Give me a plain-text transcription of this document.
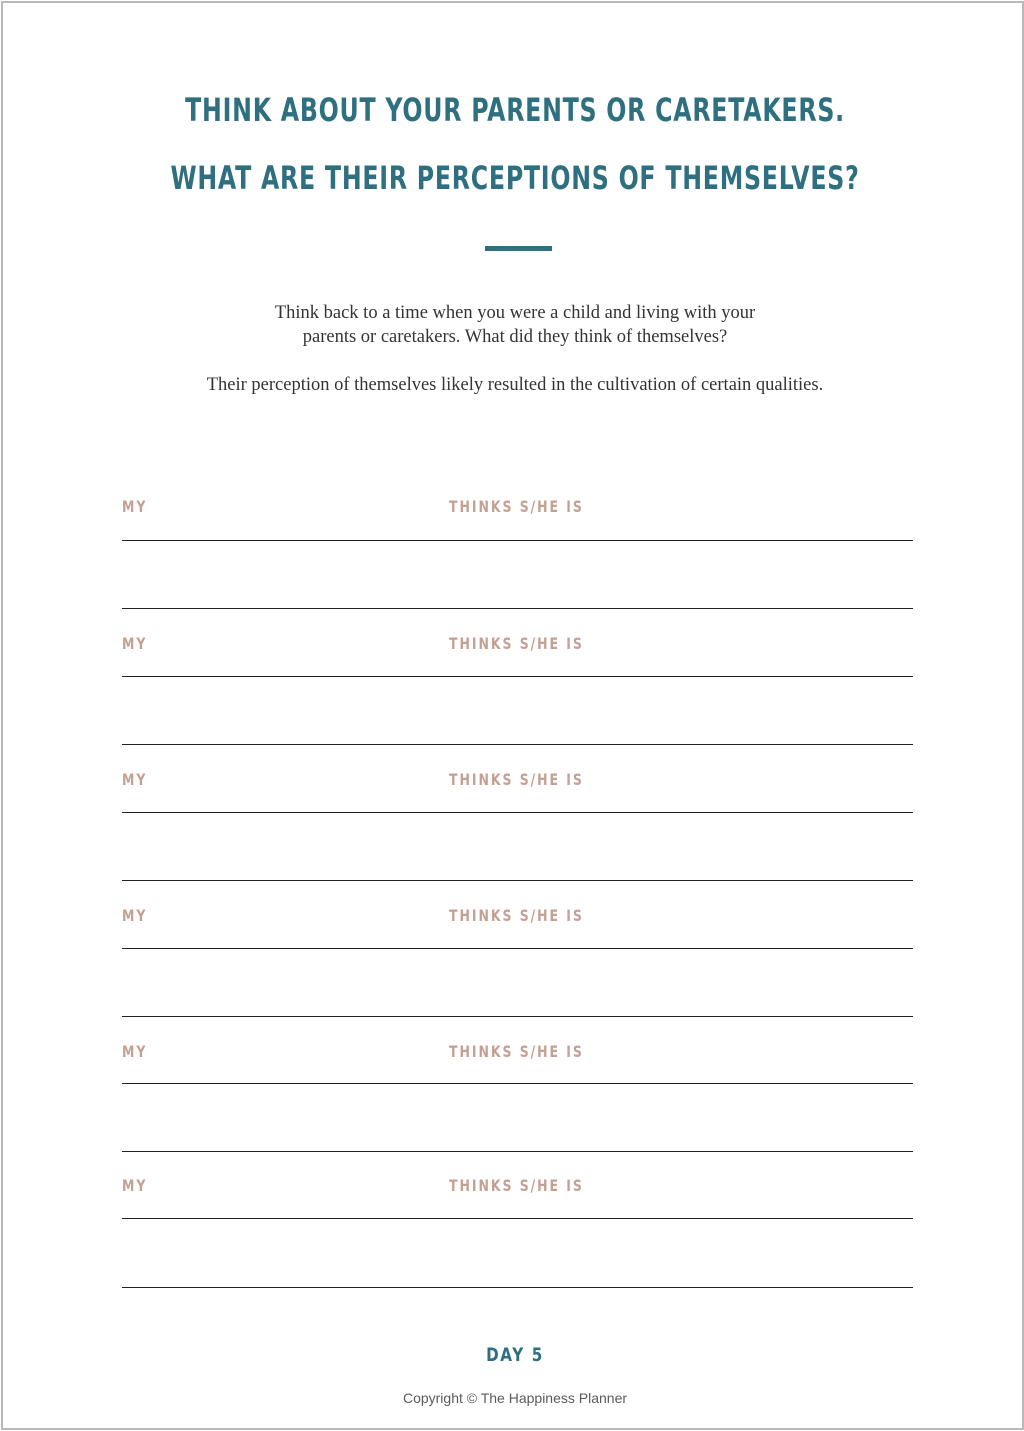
THINK ABOUT YOUR PARENTS OR CARETAKERS.
WHAT ARE THEIR PERCEPTIONS OF THEMSELVES?
Think back to a time when you were a child and living with your
parents or caretakers. What did they think of themselves?
Their perception of themselves likely resulted in the cultivation of certain qualities.
MY	THINKS S/HE IS
MY	THINKS S/HE IS
MY	THINKS S/HE IS
MY	THINKS S/HE IS
MY	THINKS S/HE IS
MY	THINKS S/HE IS
DAY 5
Copyright © The Happiness Planner
